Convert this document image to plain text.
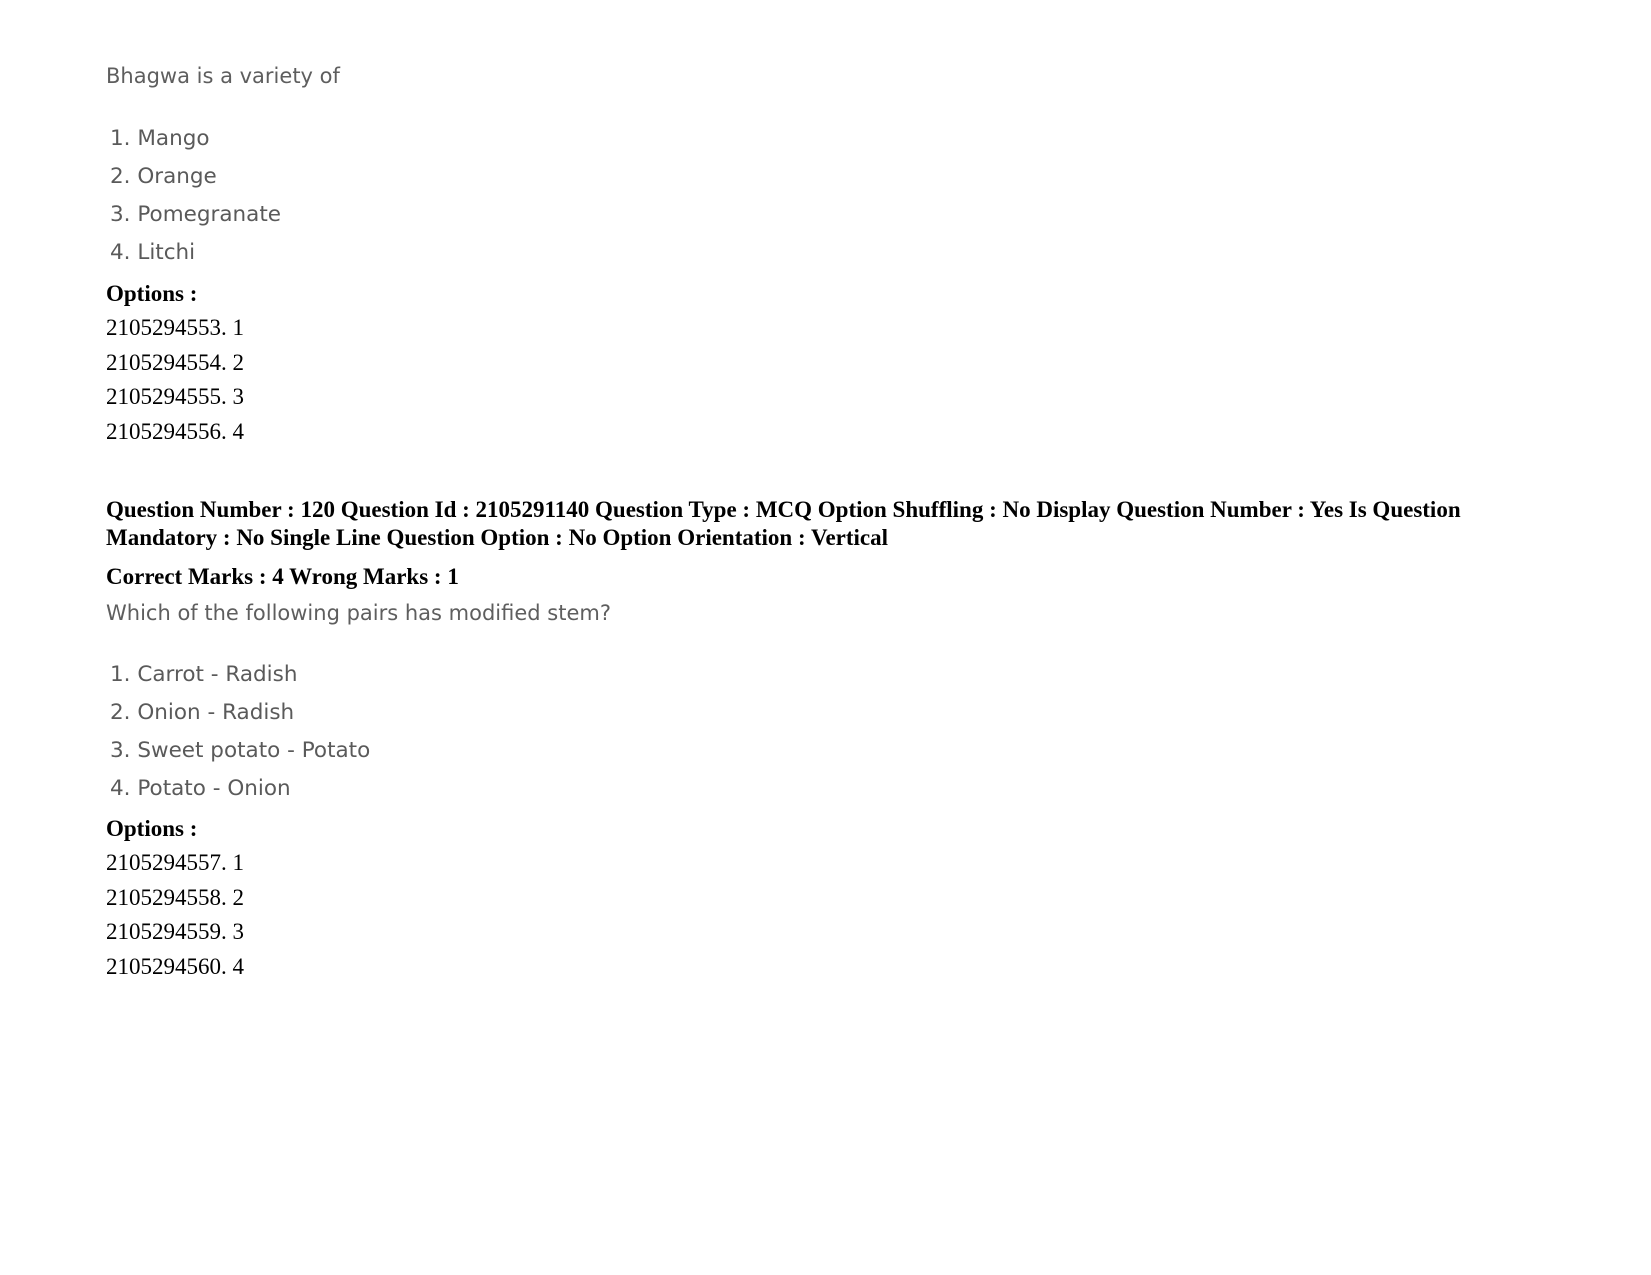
Bhagwa is a variety of

1. Mango
2. Orange
3. Pomegranate
4. Litchi

Options :

2105294553. 1
2105294554. 2
2105294555. 3
2105294556. 4

Question Number : 120 Question Id : 2105291140 Question Type : MCQ Option Shuffling : No Display Question Number : Yes Is Question Mandatory : No Single Line Question Option : No Option Orientation : Vertical

Correct Marks : 4 Wrong Marks : 1

Which of the following pairs has modified stem?

1. Carrot - Radish
2. Onion - Radish
3. Sweet potato - Potato
4. Potato - Onion

Options :

2105294557. 1
2105294558. 2
2105294559. 3
2105294560. 4
